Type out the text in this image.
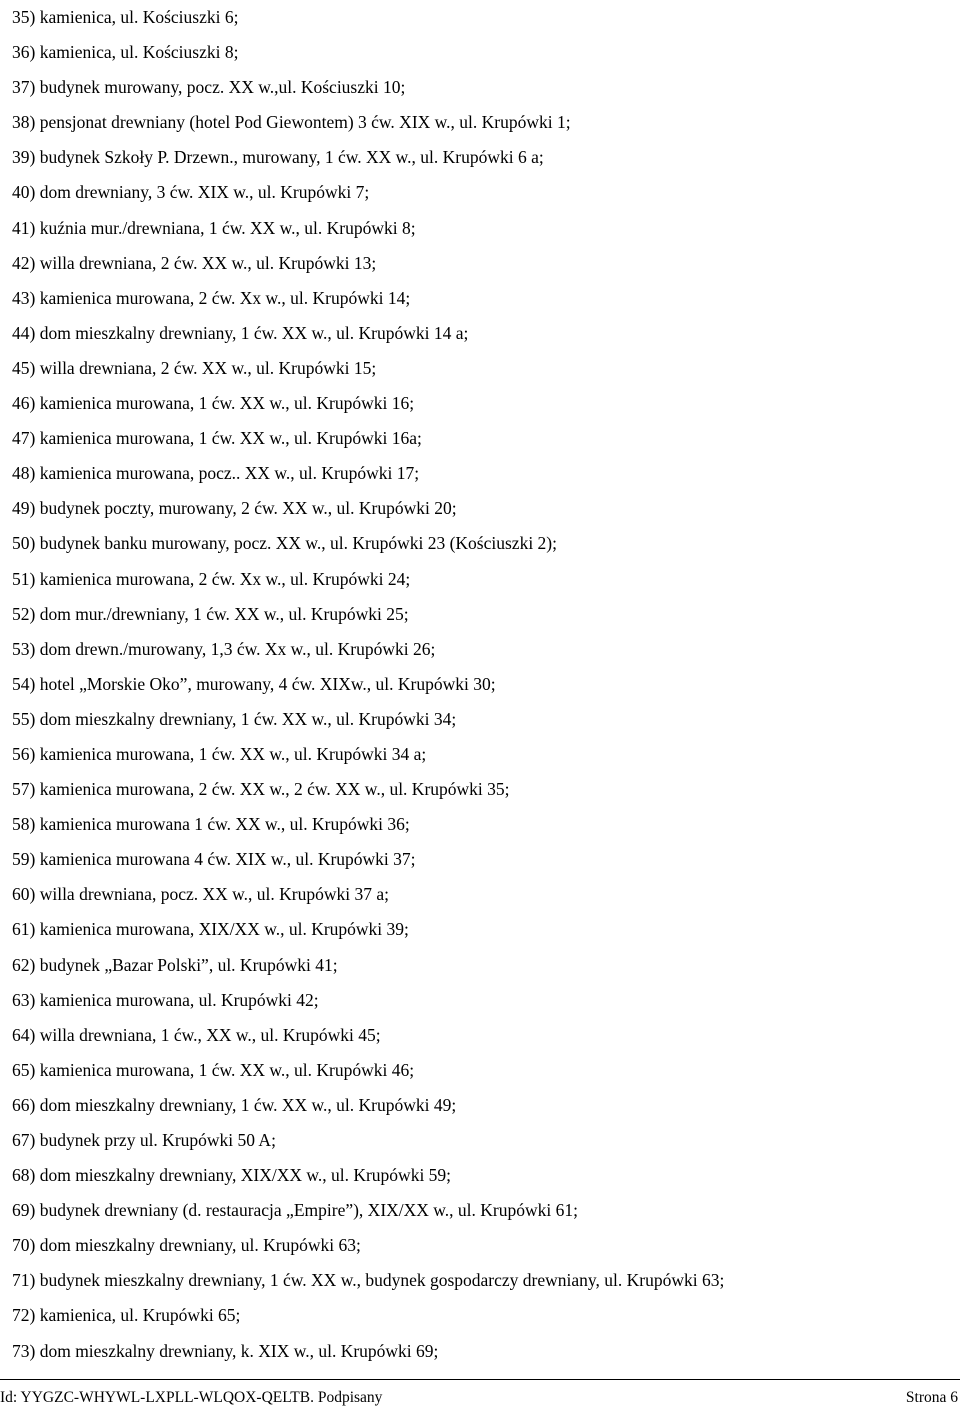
35) kamienica, ul. Kościuszki 6;
36) kamienica, ul. Kościuszki 8;
37) budynek murowany, pocz. XX w.,ul. Kościuszki 10;
38) pensjonat drewniany (hotel Pod Giewontem) 3 ćw. XIX w., ul. Krupówki 1;
39) budynek Szkoły P. Drzewn., murowany, 1 ćw. XX w., ul. Krupówki 6 a;
40) dom drewniany, 3 ćw. XIX w., ul. Krupówki 7;
41) kuźnia mur./drewniana, 1 ćw. XX w., ul. Krupówki 8;
42) willa drewniana, 2 ćw. XX w., ul. Krupówki 13;
43) kamienica murowana, 2 ćw. Xx w., ul. Krupówki 14;
44) dom mieszkalny drewniany, 1 ćw. XX w., ul. Krupówki 14 a;
45) willa drewniana, 2 ćw. XX w., ul. Krupówki 15;
46) kamienica murowana, 1 ćw. XX w., ul. Krupówki 16;
47) kamienica murowana, 1 ćw. XX w., ul. Krupówki 16a;
48) kamienica murowana, pocz.. XX w., ul. Krupówki 17;
49) budynek poczty, murowany, 2 ćw. XX w., ul. Krupówki 20;
50) budynek banku murowany, pocz. XX w., ul. Krupówki 23 (Kościuszki 2);
51) kamienica murowana, 2 ćw. Xx w., ul. Krupówki 24;
52) dom mur./drewniany, 1 ćw. XX w., ul. Krupówki 25;
53) dom drewn./murowany, 1,3 ćw. Xx w., ul. Krupówki 26;
54) hotel „Morskie Oko”, murowany, 4 ćw. XIXw., ul. Krupówki 30;
55) dom mieszkalny drewniany, 1 ćw. XX w., ul. Krupówki 34;
56) kamienica murowana, 1 ćw. XX w., ul. Krupówki 34 a;
57) kamienica murowana, 2 ćw. XX w., 2 ćw. XX w., ul. Krupówki 35;
58) kamienica murowana 1 ćw. XX w., ul. Krupówki 36;
59) kamienica murowana 4 ćw. XIX w., ul. Krupówki 37;
60) willa drewniana, pocz. XX w., ul. Krupówki 37 a;
61) kamienica murowana, XIX/XX w., ul. Krupówki 39;
62) budynek „Bazar Polski”, ul. Krupówki 41;
63) kamienica murowana, ul. Krupówki 42;
64) willa drewniana, 1 ćw., XX w., ul. Krupówki 45;
65) kamienica murowana, 1 ćw. XX w., ul. Krupówki 46;
66) dom mieszkalny drewniany, 1 ćw. XX w., ul. Krupówki 49;
67) budynek przy ul. Krupówki 50 A;
68) dom mieszkalny drewniany, XIX/XX w., ul. Krupówki 59;
69) budynek drewniany (d. restauracja „Empire”), XIX/XX w., ul. Krupówki 61;
70) dom mieszkalny drewniany, ul. Krupówki 63;
71) budynek mieszkalny drewniany, 1 ćw. XX w., budynek gospodarczy drewniany, ul. Krupówki 63;
72) kamienica, ul. Krupówki 65;
73) dom mieszkalny drewniany, k. XIX w., ul. Krupówki 69;
Id: YYGZC-WHYWL-LXPLL-WLQOX-QELTB. Podpisany	Strona 6
